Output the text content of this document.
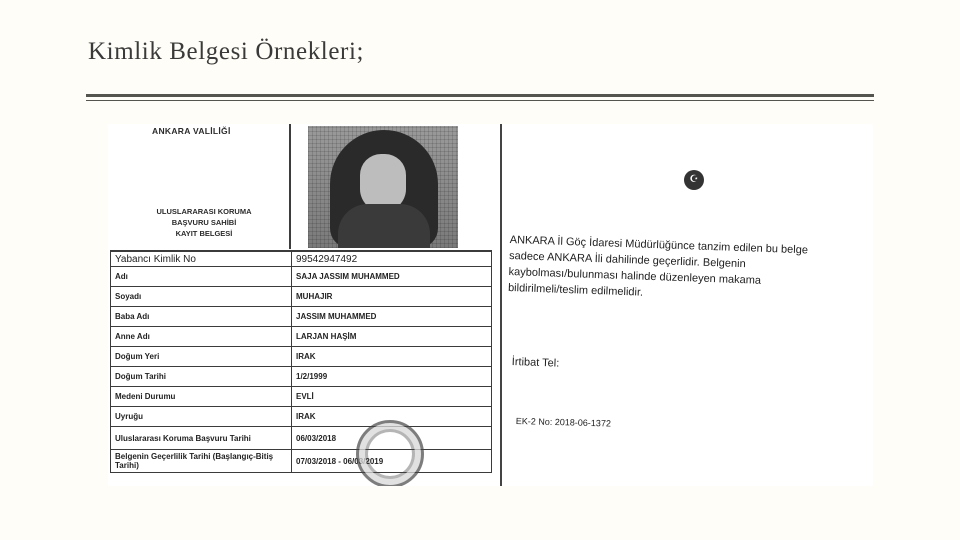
Kimlik Belgesi Örnekleri;
ANKARA VALİLİĞİ
ULUSLARARASI KORUMA
BAŞVURU SAHİBİ
KAYIT BELGESİ
Yabancı Kimlik No	99542947492
Adı	SAJA JASSIM MUHAMMED
Soyadı	MUHAJIR
Baba Adı	JASSIM MUHAMMED
Anne Adı	LARJAN HAŞİM
Doğum Yeri	IRAK
Doğum Tarihi	1/2/1999
Medeni Durumu	EVLİ
Uyruğu	IRAK
Uluslararası Koruma Başvuru Tarihi	06/03/2018
Belgenin Geçerlilik Tarihi (Başlangıç-Bitiş Tarihi)	07/03/2018 - 06/03/2019
☪
ANKARA İl Göç İdaresi Müdürlüğünce tanzim edilen bu belge sadece ANKARA İli dahilinde geçerlidir. Belgenin kaybolması/bulunması halinde düzenleyen makama bildirilmeli/teslim edilmelidir.
İrtibat Tel:
EK-2 No: 2018-06-1372
